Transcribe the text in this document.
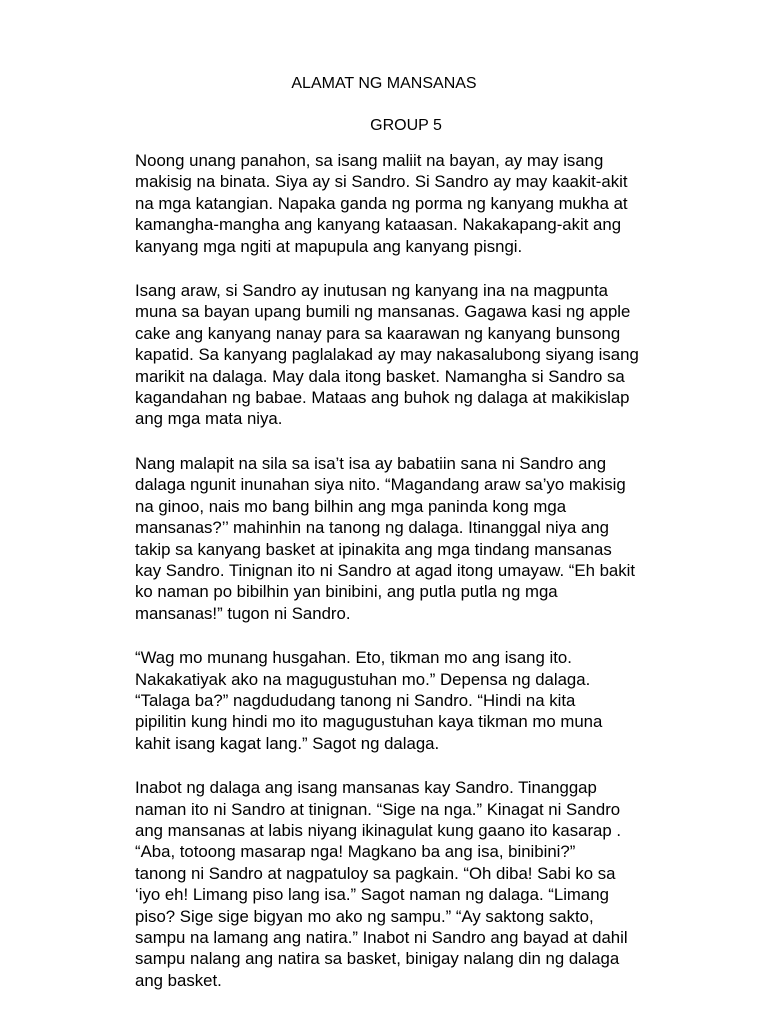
ALAMAT NG MANSANAS
GROUP 5

Noong unang panahon, sa isang maliit na bayan, ay may isang
makisig na binata. Siya ay si Sandro. Si Sandro ay may kaakit-akit
na mga katangian. Napaka ganda ng porma ng kanyang mukha at
kamangha-mangha ang kanyang kataasan. Nakakapang-akit ang
kanyang mga ngiti at mapupula ang kanyang pisngi.

Isang araw, si Sandro ay inutusan ng kanyang ina na magpunta
muna sa bayan upang bumili ng mansanas. Gagawa kasi ng apple
cake ang kanyang nanay para sa kaarawan ng kanyang bunsong
kapatid. Sa kanyang paglalakad ay may nakasalubong siyang isang
marikit na dalaga. May dala itong basket. Namangha si Sandro sa
kagandahan ng babae. Mataas ang buhok ng dalaga at makikislap
ang mga mata niya.

Nang malapit na sila sa isa’t isa ay babatiin sana ni Sandro ang
dalaga ngunit inunahan siya nito. “Magandang araw sa’yo makisig
na ginoo, nais mo bang bilhin ang mga paninda kong mga
mansanas?’’ mahinhin na tanong ng dalaga. Itinanggal niya ang
takip sa kanyang basket at ipinakita ang mga tindang mansanas
kay Sandro. Tinignan ito ni Sandro at agad itong umayaw. “Eh bakit
ko naman po bibilhin yan binibini, ang putla putla ng mga
mansanas!” tugon ni Sandro.

“Wag mo munang husgahan. Eto, tikman mo ang isang ito.
Nakakatiyak ako na magugustuhan mo.” Depensa ng dalaga.
“Talaga ba?” nagdududang tanong ni Sandro. “Hindi na kita
pipilitin kung hindi mo ito magugustuhan kaya tikman mo muna
kahit isang kagat lang.” Sagot ng dalaga.

Inabot ng dalaga ang isang mansanas kay Sandro. Tinanggap
naman ito ni Sandro at tinignan. “Sige na nga.” Kinagat ni Sandro
ang mansanas at labis niyang ikinagulat kung gaano ito kasarap .
“Aba, totoong masarap nga! Magkano ba ang isa, binibini?”
tanong ni Sandro at nagpatuloy sa pagkain. “Oh diba! Sabi ko sa
‘iyo eh! Limang piso lang isa.” Sagot naman ng dalaga. “Limang
piso? Sige sige bigyan mo ako ng sampu.” “Ay saktong sakto,
sampu na lamang ang natira.” Inabot ni Sandro ang bayad at dahil
sampu nalang ang natira sa basket, binigay nalang din ng dalaga
ang basket.
